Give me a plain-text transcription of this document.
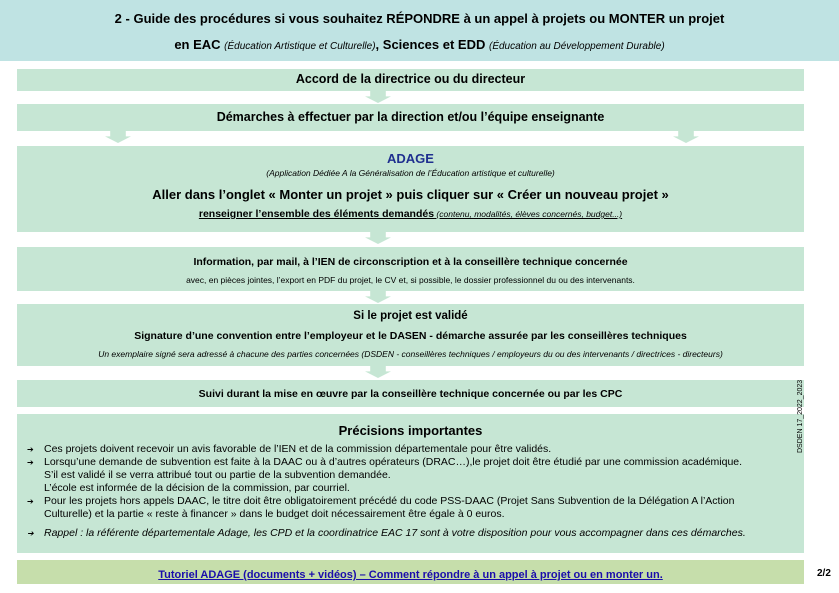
2 - Guide des procédures si vous souhaitez RÉPONDRE à un appel à projets ou MONTER un projet
en EAC (Éducation Artistique et Culturelle), Sciences et EDD (Éducation au Développement Durable)
Accord de la directrice ou du directeur
Démarches à effectuer par la direction et/ou l’équipe enseignante
ADAGE
(Application Dédiée A la Généralisation de l’Éducation artistique et culturelle)
Aller dans l’onglet « Monter un projet » puis cliquer sur « Créer un nouveau projet »
renseigner l’ensemble des éléments demandés (contenu, modalités, élèves concernés, budget...)
Information, par mail, à l’IEN de circonscription et à la conseillère technique concernée
avec, en pièces jointes, l’export en PDF du projet, le CV et, si possible, le dossier professionnel du ou des intervenants.
Si le projet est validé
Signature d’une convention entre l’employeur et le DASEN - démarche assurée par les conseillères techniques
Un exemplaire signé sera adressé à chacune des parties concernées (DSDEN - conseillères techniques / employeurs du ou des intervenants / directrices - directeurs)
Suivi durant la mise en œuvre par la conseillère technique concernée ou par les CPC
Précisions importantes
➔ Ces projets doivent recevoir un avis favorable de l’IEN et de la commission départementale pour être validés.
➔ Lorsqu’une demande de subvention est faite à la DAAC ou à d’autres opérateurs (DRAC…),le projet doit être étudié par une commission académique.
S’il est validé il se verra attribué tout ou partie de la subvention demandée.
L’école est informée de la décision de la commission, par courriel.
➔ Pour les projets hors appels DAAC, le titre doit être obligatoirement précédé du code PSS-DAAC (Projet Sans Subvention de la Délégation A l’Action
Culturelle) et la partie « reste à financer » dans le budget doit nécessairement être égale à 0 euros.
➔ Rappel : la référente départementale Adage, les CPD et la coordinatrice EAC 17 sont à votre disposition pour vous accompagner dans ces démarches.
Tutoriel ADAGE (documents + vidéos) – Comment répondre à un appel à projet ou en monter un.
DSDEN 17_2022_2023
2/2
